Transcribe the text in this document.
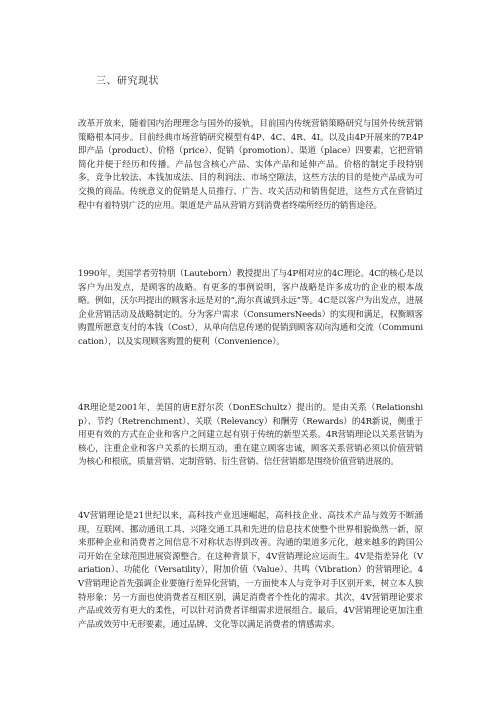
三、研究现状

改革开放来，随着国内治理理念与国外的接轨，目前国内传统营销策略研究与国外传统营销策略根本同步。目前经典市场营销研究模型有4P、4C、4R、4I。以及由4P开展来的7P.4P即产品（product）、价格（price）、促销（promotion）、渠道（place）四要素，它把营销简化并便于经历和传播。产品包含核心产品、实体产品和延伸产品。价格的制定手段特别多，竞争比较法、本钱加成法、目的利润法、市场空隙法，这些方法的目的是使产品成为可交换的商品。传统意义的促销是人员推行、广告、攻关活动和销售促进，这些方式在营销过程中有着特别广泛的应用。渠道是产品从营销方到消费者终端所经历的销售途径。

1990年，美国学者劳特朋（Lauteborn）教授提出了与4P相对应的4C理论。4C的核心是以客户为出发点，是顾客的战略。有更多的事例说明，客户战略是许多成功的企业的根本战略。例如，沃尔玛提出的顾客永远是对的”,海尔真诚到永远”等。4C是以客户为出发点，进展企业营销活动及战略制定的。分为客户需求（ConsumersNeeds）的实现和满足，权衡顾客购置所愿意支付的本钱（Cost），从单向信息传递的促销到顾客双向沟通和交流（Communication），以及实现顾客购置的便利（Convenience）。

4R理论是2001年，美国的唐E舒尔茨（DonESchultz）提出的。是由关系（Relationship）、节约（Retrenchment）、关联（Relevancy）和酬劳（Rewards）的4R新说，侧重于用更有效的方式在企业和客户之间建立起有别于传统的新型关系。4R营销理论以关系营销为核心，注重企业和客户关系的长期互动，重在建立顾客忠诚，顾客关系营销必须以价值营销为核心和根底，质量营销、定制营销、衍生营销、信任营销都是围绕价值营销进展的。

4V营销理论是21世纪以来，高科技产业迅速崛起，高科技企业、高技术产品与效劳不断涌现，互联网、挪动通讯工具、兴隆交通工具和先进的信息技术使整个世界相貌焕然一新，原来那种企业和消费者之间信息不对称状态得到改善。沟通的渠道多元化，越来越多的跨国公司开始在全球范围进展资源整合。在这种背景下，4V营销理论应运而生。4V是指差异化（Variation）、功能化（Versatility），附加价值（Value）、共鸣（Vibration）的营销理论。4V营销理论首先强调企业要施行差异化营销，一方面使本人与竞争对手区别开来，树立本人独特形象；另一方面也使消费者互相区别，满足消费者个性化的需求。其次，4V营销理论要求产品或效劳有更大的柔性，可以针对消费者详细需求进展组合。最后，4V营销理论更加注重产品或效劳中无形要素，通过品牌、文化等以满足消费者的情感需求。
